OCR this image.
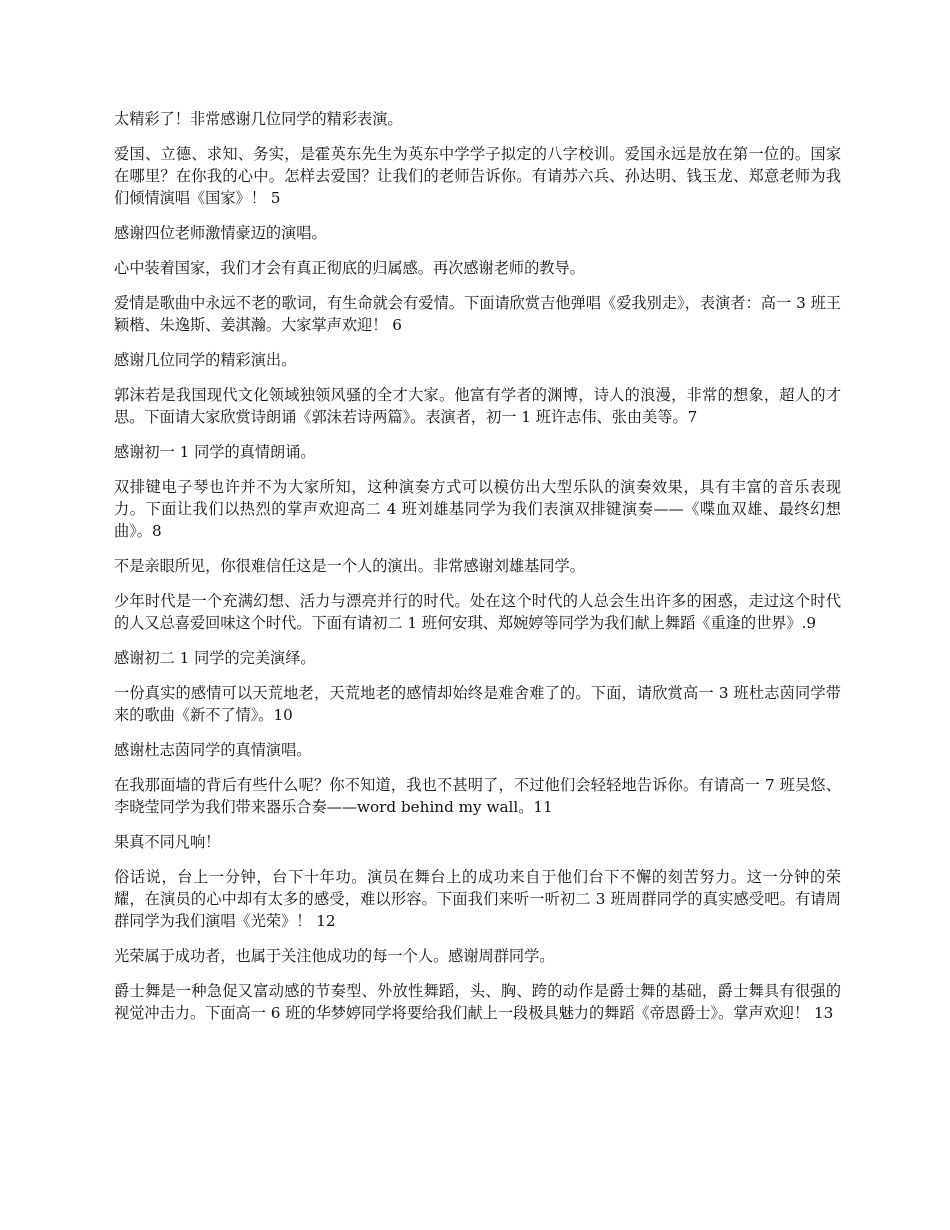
太精彩了！非常感谢几位同学的精彩表演。

爱国、立德、求知、务实，是霍英东先生为英东中学学子拟定的八字校训。爱国永远是放在第一位的。国家在哪里？在你我的心中。怎样去爱国？让我们的老师告诉你。有请苏六兵、孙达明、钱玉龙、郑意老师为我们倾情演唱《国家》！ 5

感谢四位老师激情豪迈的演唱。

心中装着国家，我们才会有真正彻底的归属感。再次感谢老师的教导。

爱情是歌曲中永远不老的歌词，有生命就会有爱情。下面请欣赏吉他弹唱《爱我别走》，表演者：高一 3 班王颖楷、朱逸斯、姜淇瀚。大家掌声欢迎！ 6

感谢几位同学的精彩演出。

郭沫若是我国现代文化领域独领风骚的全才大家。他富有学者的渊博，诗人的浪漫，非常的想象，超人的才思。下面请大家欣赏诗朗诵《郭沫若诗两篇》。表演者，初一 1 班许志伟、张由美等。7

感谢初一 1 同学的真情朗诵。

双排键电子琴也许并不为大家所知，这种演奏方式可以模仿出大型乐队的演奏效果，具有丰富的音乐表现力。下面让我们以热烈的掌声欢迎高二 4 班刘雄基同学为我们表演双排键演奏——《喋血双雄、最终幻想曲》。8

不是亲眼所见，你很难信任这是一个人的演出。非常感谢刘雄基同学。

少年时代是一个充满幻想、活力与漂亮并行的时代。处在这个时代的人总会生出许多的困惑，走过这个时代的人又总喜爱回味这个时代。下面有请初二 1 班何安琪、郑婉婷等同学为我们献上舞蹈《重逢的世界》.9

感谢初二 1 同学的完美演绎。

一份真实的感情可以天荒地老，天荒地老的感情却始终是难舍难了的。下面，请欣赏高一 3 班杜志茵同学带来的歌曲《新不了情》。10

感谢杜志茵同学的真情演唱。

在我那面墙的背后有些什么呢？你不知道，我也不甚明了，不过他们会轻轻地告诉你。有请高一 7 班吴悠、李晓莹同学为我们带来器乐合奏——word behind my wall。11

果真不同凡响！

俗话说，台上一分钟，台下十年功。演员在舞台上的成功来自于他们台下不懈的刻苦努力。这一分钟的荣耀，在演员的心中却有太多的感受，难以形容。下面我们来听一听初二 3 班周群同学的真实感受吧。有请周群同学为我们演唱《光荣》！ 12

光荣属于成功者，也属于关注他成功的每一个人。感谢周群同学。

爵士舞是一种急促又富动感的节奏型、外放性舞蹈，头、胸、跨的动作是爵士舞的基础，爵士舞具有很强的视觉冲击力。下面高一 6 班的华梦婷同学将要给我们献上一段极具魅力的舞蹈《帝恩爵士》。掌声欢迎！ 13
